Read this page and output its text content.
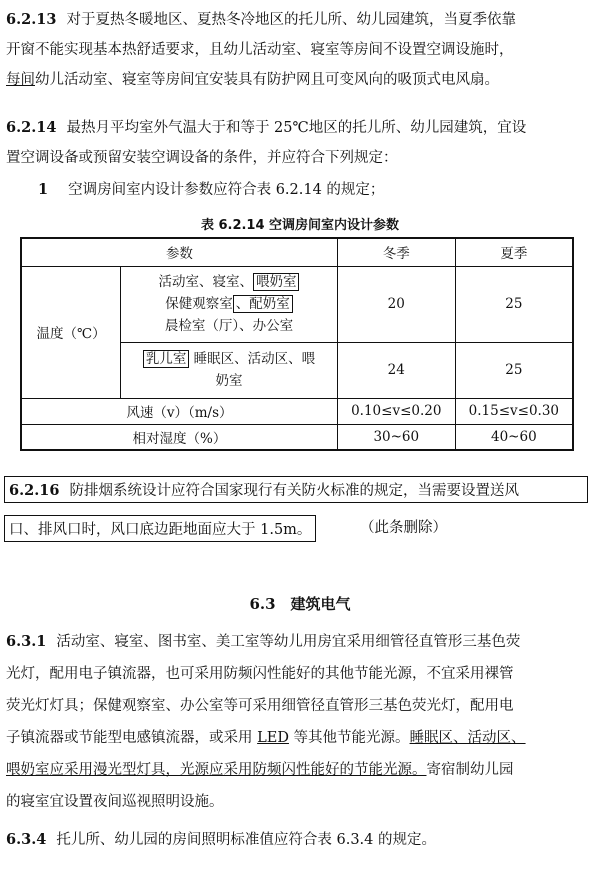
6.2.13 对于夏热冬暖地区、夏热冬冷地区的托儿所、幼儿园建筑，当夏季依靠
开窗不能实现基本热舒适要求，且幼儿活动室、寝室等房间不设置空调设施时，
每间幼儿活动室、寝室等房间宜安装具有防护网且可变风向的吸顶式电风扇。
6.2.14 最热月平均室外气温大于和等于 25℃地区的托儿所、幼儿园建筑，宜设
置空调设备或预留安装空调设备的条件，并应符合下列规定：
1 空调房间室内设计参数应符合表 6.2.14 的规定；
表 6.2.14 空调房间室内设计参数
参数		冬季	夏季
温度（℃）	活动室、寝室、 喂奶室
保健观察室 、配奶室
晨检室（厅）、办公室	20	25

	乳儿室 睡眠区、活动区、喂
奶室	24	25
风速（v）（m/s）		0.10≤v≤0.20	0.15≤v≤0.30
相对湿度（%）		30~60	40~60
6.2.16 防排烟系统设计应符合国家现行有关防火标准的规定，当需要设置送风
口、排风口时，风口底边距地面应大于 1.5m。	（此条删除）
6.3　建筑电气
6.3.1 活动室、寝室、图书室、美工室等幼儿用房宜采用细管径直管形三基色荧
光灯，配用电子镇流器，也可采用防频闪性能好的其他节能光源，不宜采用裸管
荧光灯灯具；保健观察室、办公室等可采用细管径直管形三基色荧光灯，配用电
子镇流器或节能型电感镇流器，或采用 LED 等其他节能光源。睡眠区、活动区、
喂奶室应采用漫光型灯具，光源应采用防频闪性能好的节能光源。寄宿制幼儿园
的寝室宜设置夜间巡视照明设施。
6.3.4 托儿所、幼儿园的房间照明标准值应符合表 6.3.4 的规定。
